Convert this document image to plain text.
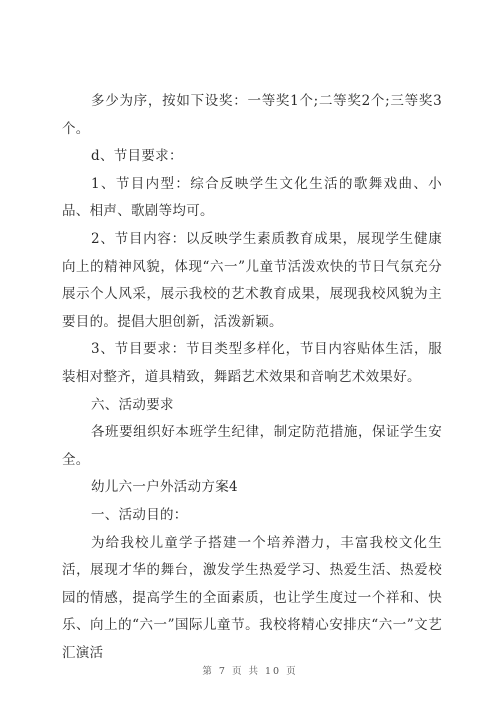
多少为序，按如下设奖：一等奖1个;二等奖2个;三等奖3个。

d、节目要求：

1、节目内型：综合反映学生文化生活的歌舞戏曲、小品、相声、歌剧等均可。

2、节目内容：以反映学生素质教育成果，展现学生健康向上的精神风貌，体现“六一”儿童节活泼欢快的节日气氛充分展示个人风采，展示我校的艺术教育成果，展现我校风貌为主要目的。提倡大胆创新，活泼新颖。

3、节目要求：节目类型多样化，节目内容贴体生活，服装相对整齐，道具精致，舞蹈艺术效果和音响艺术效果好。

六、活动要求

各班要组织好本班学生纪律，制定防范措施，保证学生安全。

幼儿六一户外活动方案4

一、活动目的：

为给我校儿童学子搭建一个培养潜力，丰富我校文化生活，展现才华的舞台，激发学生热爱学习、热爱生活、热爱校园的情感，提高学生的全面素质，也让学生度过一个祥和、快乐、向上的“六一”国际儿童节。我校将精心安排庆“六一”文艺汇演活

第 7 页 共 10 页
